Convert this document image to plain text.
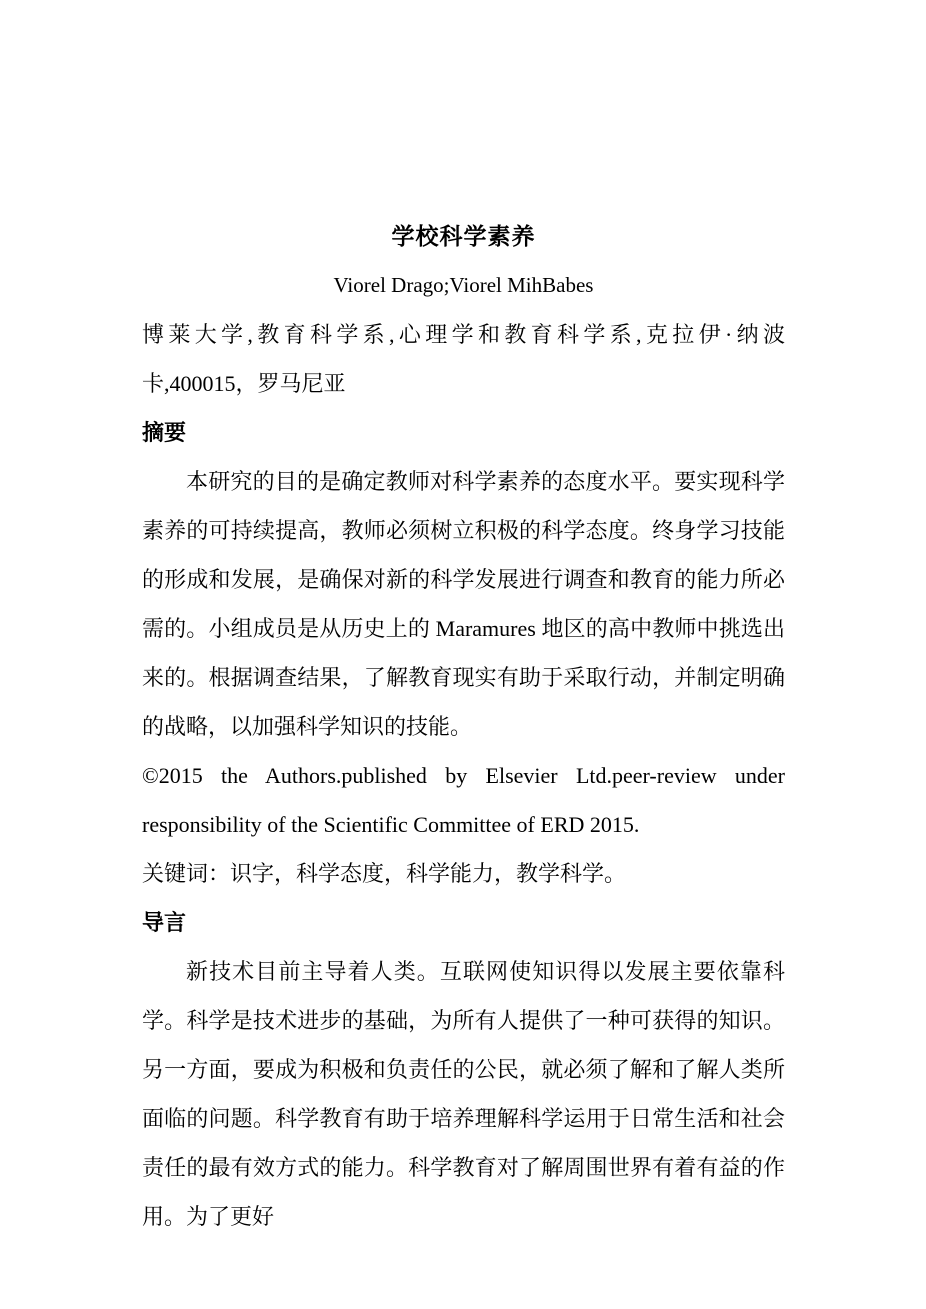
学校科学素养

Viorel Drago;Viorel MihBabes

博莱大学,教育科学系,心理学和教育科学系,克拉伊·纳波卡,400015，罗马尼亚

摘要

本研究的目的是确定教师对科学素养的态度水平。要实现科学素养的可持续提高，教师必须树立积极的科学态度。终身学习技能的形成和发展，是确保对新的科学发展进行调查和教育的能力所必需的。小组成员是从历史上的 Maramures 地区的高中教师中挑选出来的。根据调查结果，了解教育现实有助于采取行动，并制定明确的战略，以加强科学知识的技能。

©2015 the Authors.published by Elsevier Ltd.peer-review under responsibility of the Scientific Committee of ERD 2015.

关键词：识字，科学态度，科学能力，教学科学。

导言

新技术目前主导着人类。互联网使知识得以发展主要依靠科学。科学是技术进步的基础，为所有人提供了一种可获得的知识。另一方面，要成为积极和负责任的公民，就必须了解和了解人类所面临的问题。科学教育有助于培养理解科学运用于日常生活和社会责任的最有效方式的能力。科学教育对了解周围世界有着有益的作用。为了更好
